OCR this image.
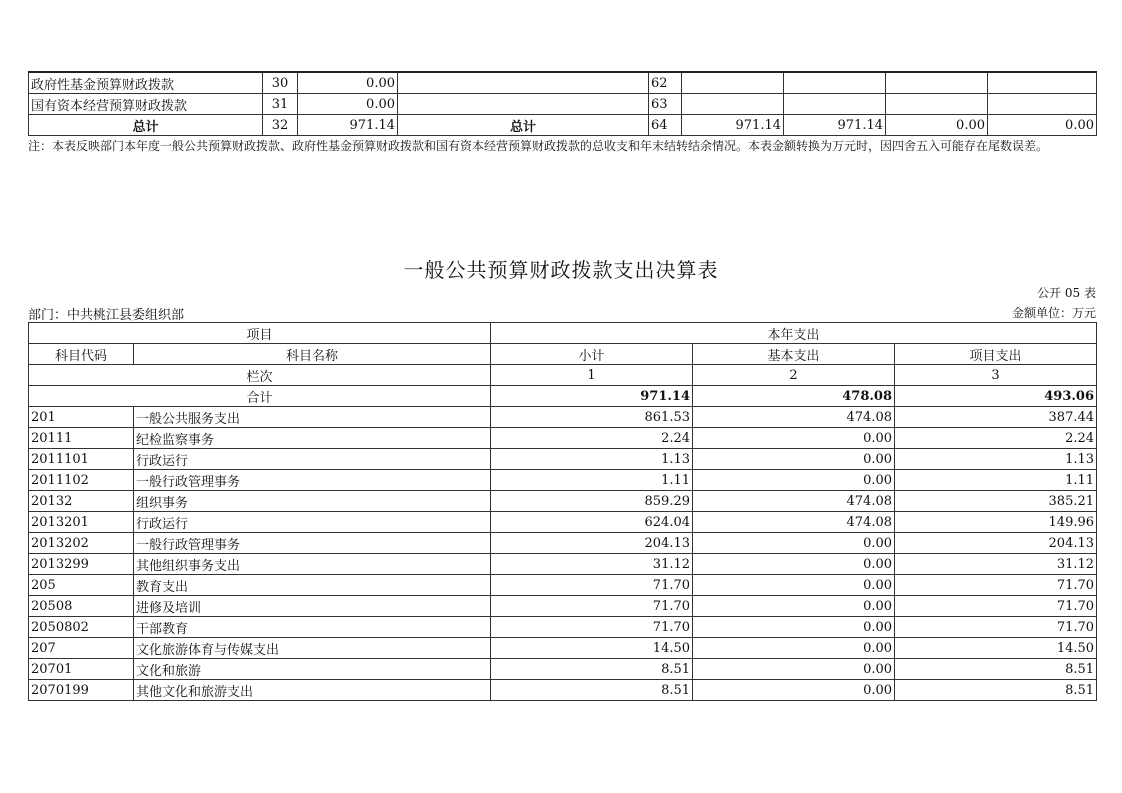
政府性基金预算财政拨款	30	0.00		62				
国有资本经营预算财政拨款	31	0.00		63				
总计	32	971.14	总计	64	971.14	971.14	0.00	0.00
注：本表反映部门本年度一般公共预算财政拨款、政府性基金预算财政拨款和国有资本经营预算财政拨款的总收支和年末结转结余情况。本表金额转换为万元时，因四舍五入可能存在尾数误差。
一般公共预算财政拨款支出决算表
公开 05 表
部门：中共桃江县委组织部	金额单位：万元
项目		本年支出		
科目代码	科目名称	小计	基本支出	项目支出
栏次		1	2	3
合计		971.14	478.08	493.06
201	一般公共服务支出	861.53	474.08	387.44
20111	纪检监察事务	2.24	0.00	2.24
2011101	行政运行	1.13	0.00	1.13
2011102	一般行政管理事务	1.11	0.00	1.11
20132	组织事务	859.29	474.08	385.21
2013201	行政运行	624.04	474.08	149.96
2013202	一般行政管理事务	204.13	0.00	204.13
2013299	其他组织事务支出	31.12	0.00	31.12
205	教育支出	71.70	0.00	71.70
20508	进修及培训	71.70	0.00	71.70
2050802	干部教育	71.70	0.00	71.70
207	文化旅游体育与传媒支出	14.50	0.00	14.50
20701	文化和旅游	8.51	0.00	8.51
2070199	其他文化和旅游支出	8.51	0.00	8.51
